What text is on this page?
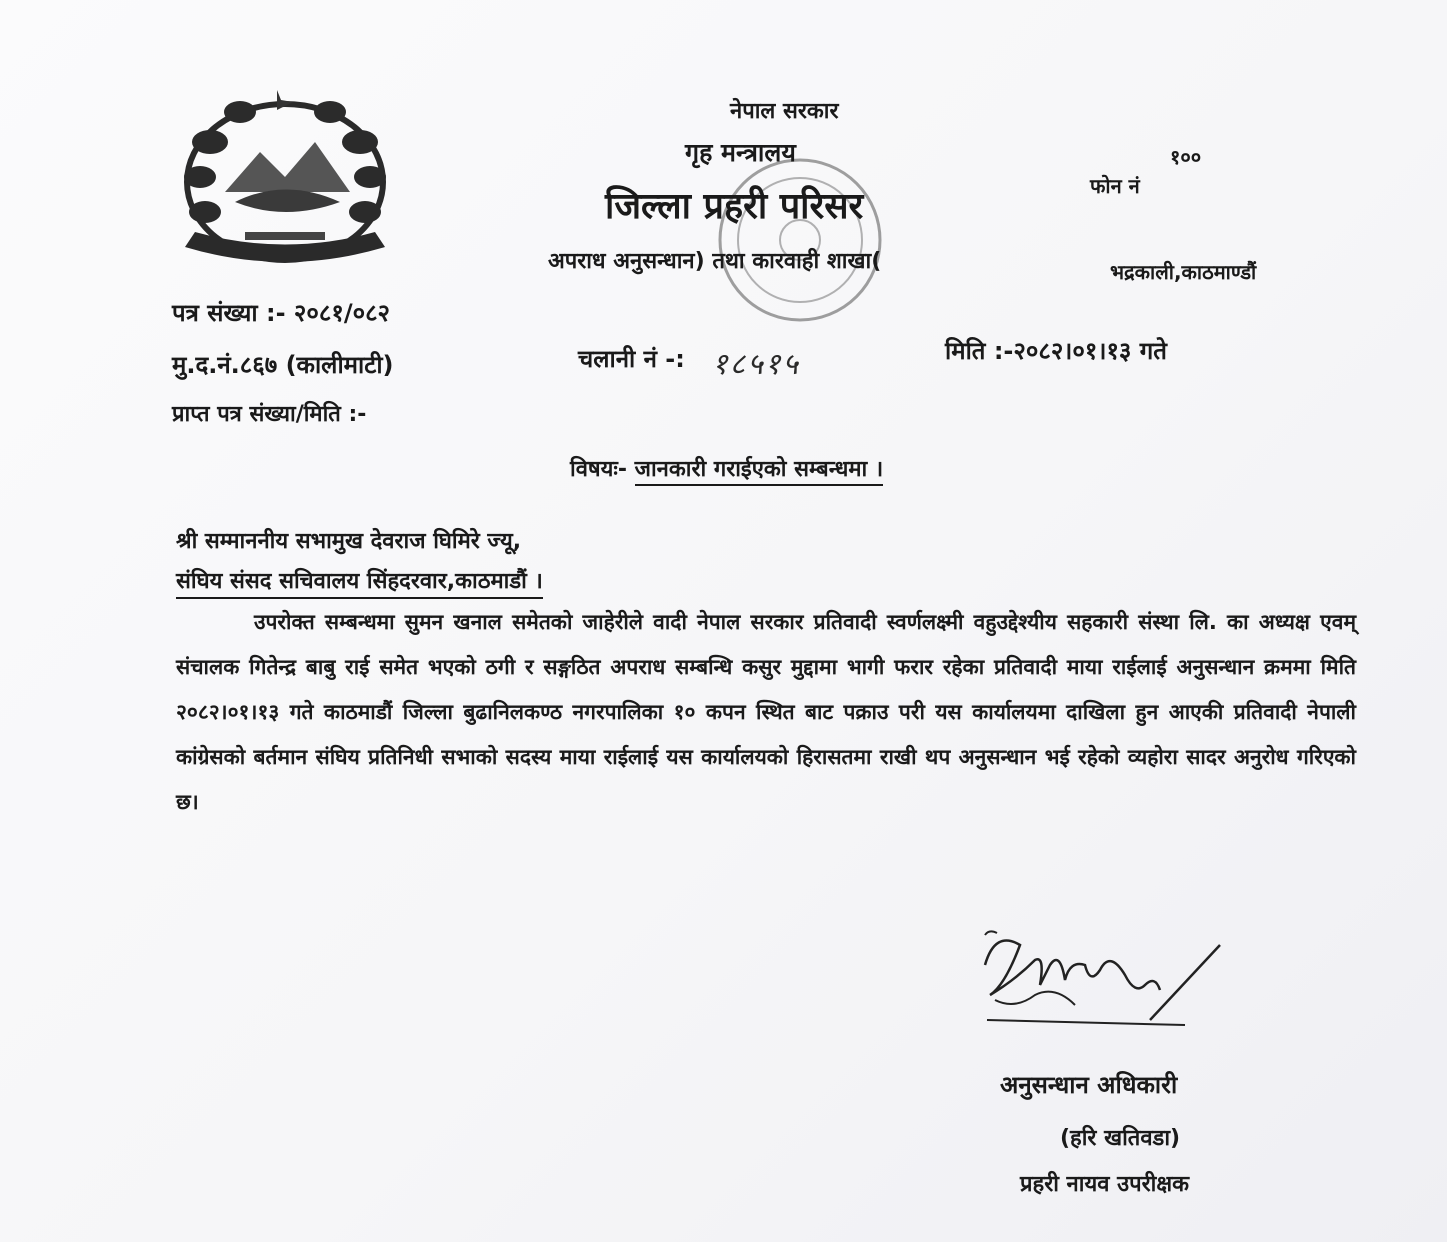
नेपाल सरकार
गृह मन्त्रालय
जिल्ला प्रहरी परिसर
अपराध अनुसन्धान) तथा कारवाही शाखा(
१००
फोन नं
भद्रकाली,काठमाण्डौं
पत्र संख्या :- २०८१/०८२
मु.द.नं.८६७ (कालीमाटी)
प्राप्त पत्र संख्या/मिति :-
चलानी नं -: १८५१५	मिति :-२०८२।०१।१३ गते
विषयः- जानकारी गराईएको सम्बन्धमा ।
श्री सम्माननीय सभामुख देवराज घिमिरे ज्यू,
संघिय संसद सचिवालय सिंहदरवार,काठमाडौं ।
उपरोक्त सम्बन्धमा सुमन खनाल समेतको जाहेरीले वादी नेपाल सरकार प्रतिवादी स्वर्णलक्ष्मी वहुउद्देश्यीय सहकारी संस्था लि. का अध्यक्ष एवम् संचालक गितेन्द्र बाबु राई समेत भएको ठगी र सङ्गठित अपराध सम्बन्धि कसुर मुद्दामा भागी फरार रहेका प्रतिवादी माया राईलाई अनुसन्धान क्रममा मिति २०८२।०१।१३ गते काठमाडौं जिल्ला बुढानिलकण्ठ नगरपालिका १० कपन स्थित बाट पक्राउ परी यस कार्यालयमा दाखिला हुन आएकी प्रतिवादी नेपाली कांग्रेसको बर्तमान संघिय प्रतिनिधी सभाको सदस्य माया राईलाई यस कार्यालयको हिरासतमा राखी थप अनुसन्धान भई रहेको व्यहोरा सादर अनुरोध गरिएको छ।
अनुसन्धान अधिकारी
(हरि खतिवडा)
प्रहरी नायव उपरीक्षक
